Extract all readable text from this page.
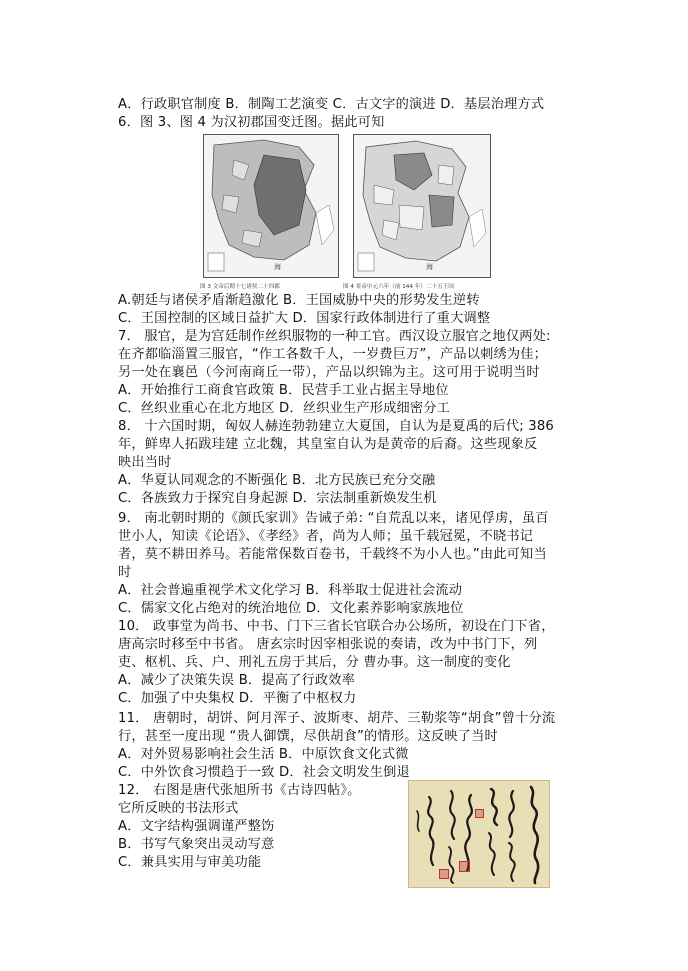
A．行政职官制度 B．制陶工艺演变 C．古文字的演进 D．基层治理方式
6．图 3、图 4 为汉初郡国变迁图。据此可知
海	海
图 3 文帝后期十七诸侯二十四郡	图 4 景帝中元六年（前 144 年）二十五王国
A.朝廷与诸侯矛盾渐趋激化 B．王国威胁中央的形势发生逆转
C．王国控制的区域日益扩大 D．国家行政体制进行了重大调整
7． 服官，是为宫廷制作丝织服物的一种工官。西汉设立服官之地仅两处:
在齐都临淄置三服官，“作工各数千人，一岁费巨万”，产品以刺绣为佳；
另一处在襄邑（今河南商丘一带），产品以织锦为主。这可用于说明当时
A．开始推行工商食官政策 B．民营手工业占据主导地位
C．丝织业重心在北方地区 D．丝织业生产形成细密分工
8． 十六国时期，匈奴人赫连勃勃建立大夏国，自认为是夏禹的后代; 386
年，鲜卑人拓跋珪建 立北魏，其皇室自认为是黄帝的后裔。这些现象反
映出当时
A．华夏认同观念的不断强化 B．北方民族已充分交融
C．各族致力于探究自身起源 D．宗法制重新焕发生机
9． 南北朝时期的《颜氏家训》告诫子弟: “自荒乱以来，诸见俘虏，虽百
世小人，知读《论语》、《孝经》者，尚为人师；虽千载冠冕，不晓书记
者，莫不耕田养马。若能常保数百卷书，千载终不为小人也。”由此可知当
时
A．社会普遍重视学术文化学习 B．科举取士促进社会流动
C．儒家文化占绝对的统治地位 D．文化素养影响家族地位
10． 政事堂为尚书、中书、门下三省长官联合办公场所，初设在门下省，
唐高宗时移至中书省。 唐玄宗时因宰相张说的奏请，改为中书门下，列
吏、枢机、兵、户、刑礼五房于其后，分 曹办事。这一制度的变化
A．减少了决策失误 B．提高了行政效率
C．加强了中央集权 D．平衡了中枢权力
11． 唐朝时，胡饼、阿月浑子、波斯枣、胡芹、三勒浆等“胡食”曾十分流
行，甚至一度出现 “贵人御馔，尽供胡食”的情形。这反映了当时
A．对外贸易影响社会生活 B．中原饮食文化式微
C．中外饮食习惯趋于一致 D．社会文明发生倒退
12． 右图是唐代张旭所书《古诗四帖》。
它所反映的书法形式
A．文字结构强调谨严整饬
B．书写气象突出灵动写意
C．兼具实用与审美功能
